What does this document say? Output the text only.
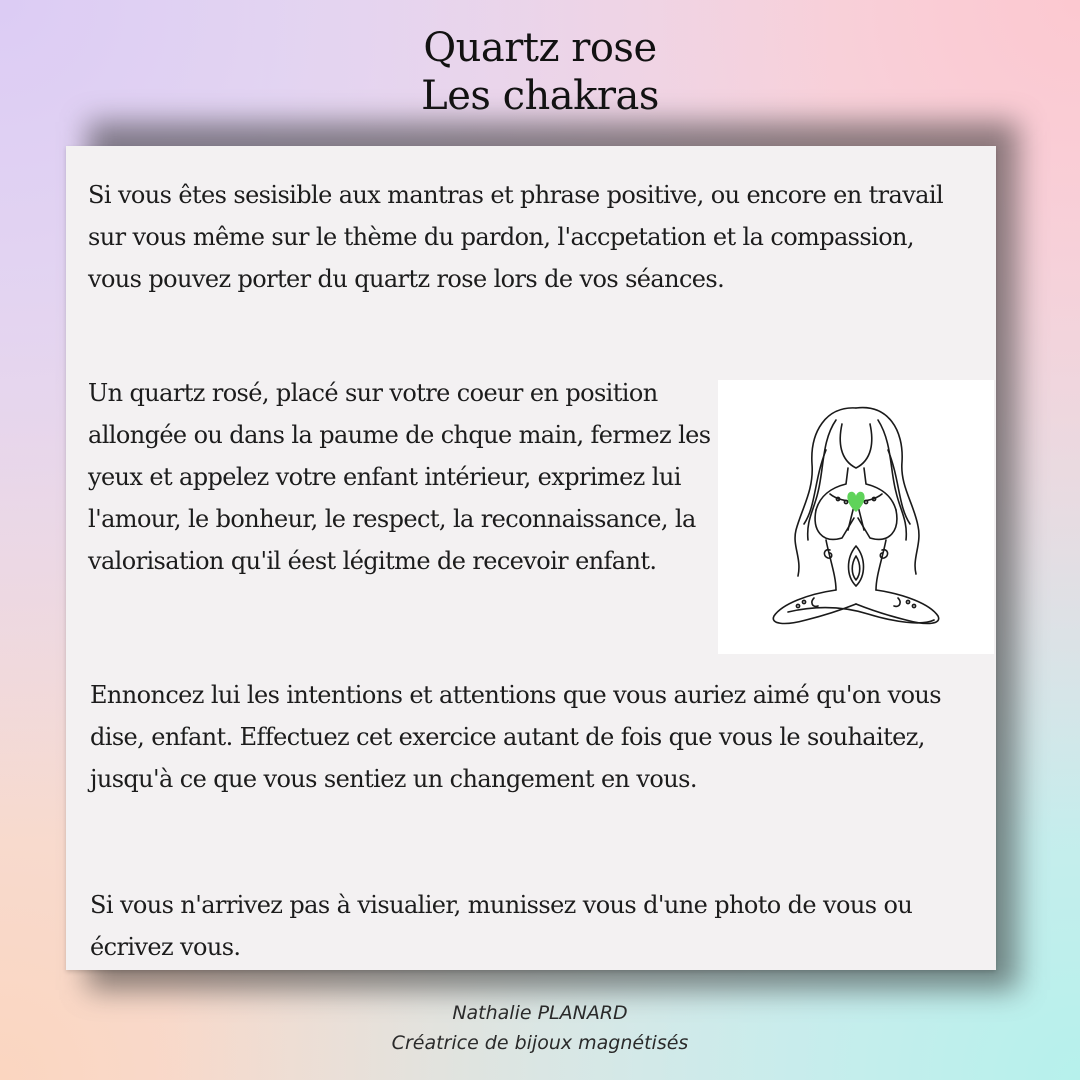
Quartz rose
Les chakras

Si vous êtes sesisible aux mantras et phrase positive, ou encore en travail sur vous même sur le thème du pardon, l'accpetation et la compassion, vous pouvez porter du quartz rose lors de vos séances.

Un quartz rosé, placé sur votre coeur en position allongée ou dans la paume de chque main, fermez les yeux et appelez votre enfant intérieur, exprimez lui l'amour, le bonheur, le respect, la reconnaissance, la valorisation qu'il éest légitme de recevoir enfant.

Ennoncez lui les intentions et attentions que vous auriez aimé qu'on vous dise, enfant. Effectuez cet exercice autant de fois que vous le souhaitez, jusqu'à ce que vous sentiez un changement en vous.

Si vous n'arrivez pas à visualier, munissez vous d'une photo de vous ou écrivez vous.

Nathalie PLANARD
Créatrice de bijoux magnétisés
